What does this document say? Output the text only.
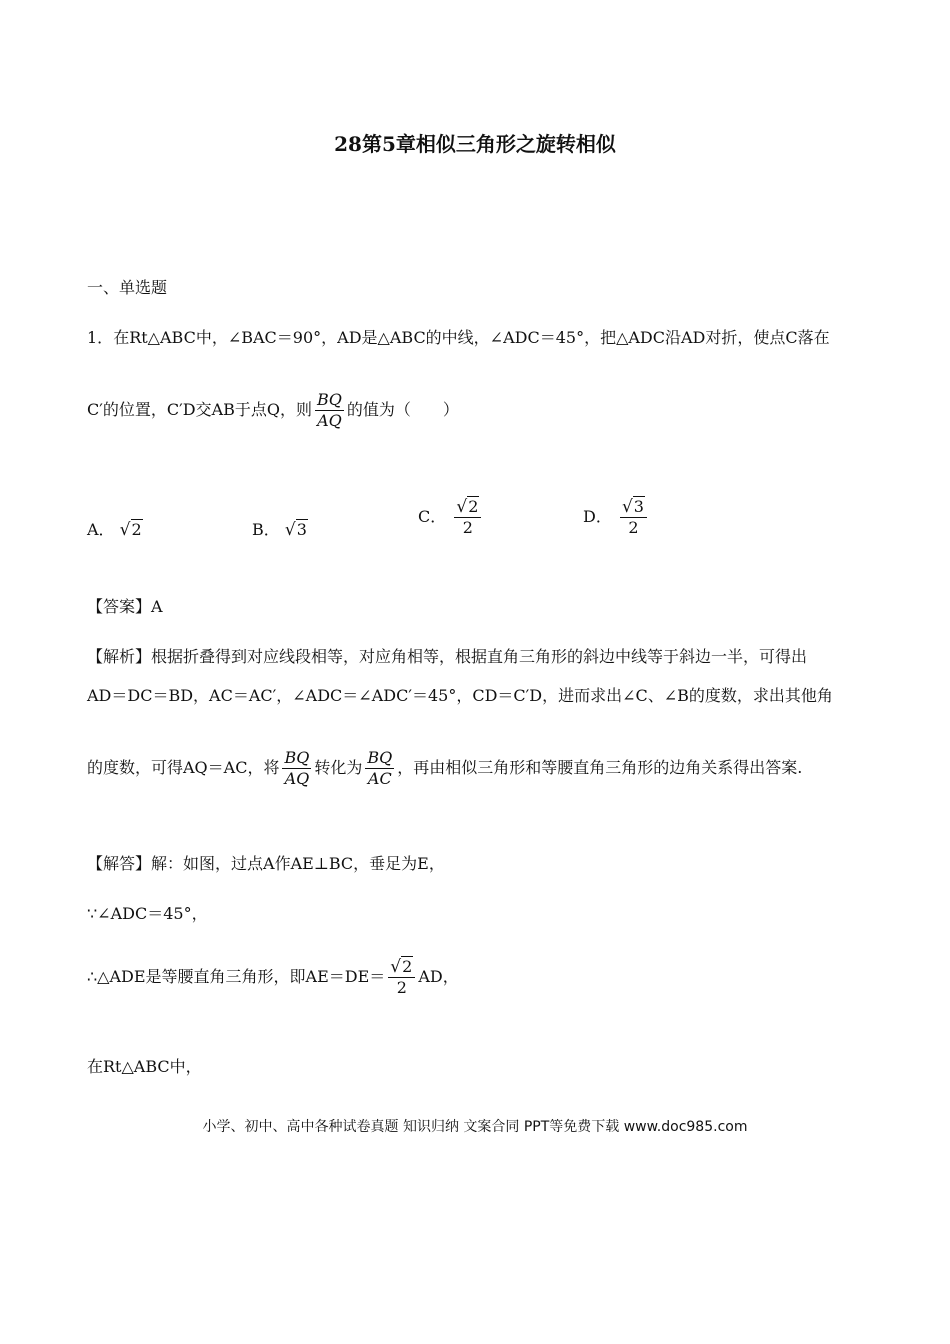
28第5章相似三角形之旋转相似
一、单选题
1．在Rt△ABC中，∠BAC＝90°，AD是△ABC的中线，∠ADC＝45°，把△ADC沿AD对折，使点C落在
C′的位置，C′D交AB于点Q，则 $\frac{BQ}{AQ}$ 的值为（　　）
A． √2	B． √3
C． $\frac{√2}{2}$	D． $\frac{√3}{2}$
【答案】A
【解析】根据折叠得到对应线段相等，对应角相等，根据直角三角形的斜边中线等于斜边一半，可得出
AD＝DC＝BD，AC＝AC′，∠ADC＝∠ADC′＝45°，CD＝C′D，进而求出∠C、∠B的度数，求出其他角
的度数，可得AQ＝AC，将 $\frac{BQ}{AQ}$ 转化为 $\frac{BQ}{AC}$ ，再由相似三角形和等腰直角三角形的边角关系得出答案.
【解答】解：如图，过点A作AE⊥BC，垂足为E，
∵∠ADC＝45°，
∴△ADE是等腰直角三角形，即$AE=DE= \frac{√2}{2}$ AD，
在Rt△ABC中，
小学、初中、高中各种试卷真题 知识归纳 文案合同 PPT等免费下载 www.doc985.com
